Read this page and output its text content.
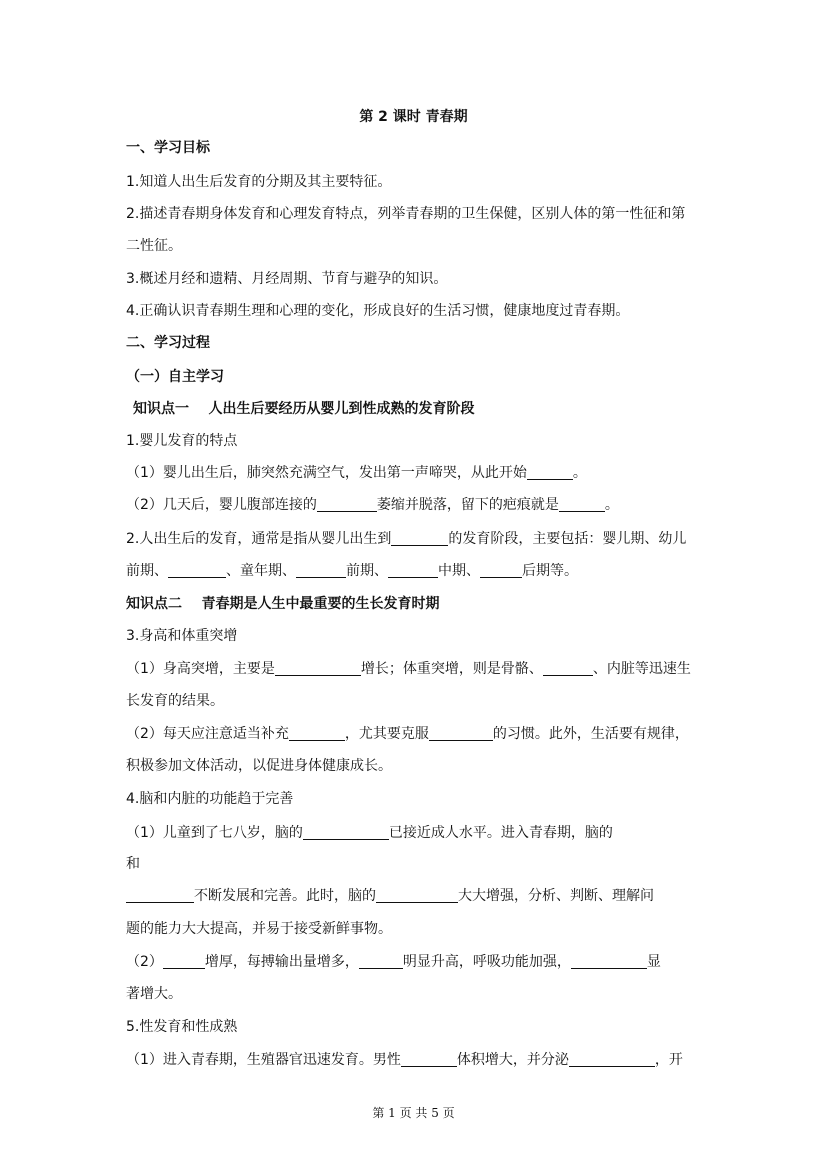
第 2 课时 青春期
一、学习目标
1.知道人出生后发育的分期及其主要特征。
2.描述青春期身体发育和心理发育特点，列举青春期的卫生保健，区别人体的第一性征和第
二性征。
3.概述月经和遗精、月经周期、节育与避孕的知识。
4.正确认识青春期生理和心理的变化，形成良好的生活习惯，健康地度过青春期。
二、学习过程
（一）自主学习
知识点一    人出生后要经历从婴儿到性成熟的发育阶段
1.婴儿发育的特点
（1）婴儿出生后，肺突然充满空气，发出第一声啼哭，从此开始	。
（2）几天后，婴儿腹部连接的	萎缩并脱落，留下的疤痕就是	。
2.人出生后的发育，通常是指从婴儿出生到	的发育阶段，主要包括：婴儿期、幼儿
前期、	、童年期、	前期、	中期、	后期等。
知识点二    青春期是人生中最重要的生长发育时期
3.身高和体重突增
（1）身高突增，主要是	增长；体重突增，则是骨骼、	、内脏等迅速生
长发育的结果。
（2）每天应注意适当补充	，尤其要克服	的习惯。此外，生活要有规律，
积极参加文体活动，以促进身体健康成长。
4.脑和内脏的功能趋于完善
（1）儿童到了七八岁，脑的	已接近成人水平。进入青春期，脑的
和
不断发展和完善。此时，脑的	大大增强，分析、判断、理解问
题的能力大大提高，并易于接受新鲜事物。
（2）	增厚，每搏输出量增多，	明显升高，呼吸功能加强，	显
著增大。
5.性发育和性成熟
（1）进入青春期，生殖器官迅速发育。男性	体积增大，并分泌	，开
第 1 页 共 5 页
